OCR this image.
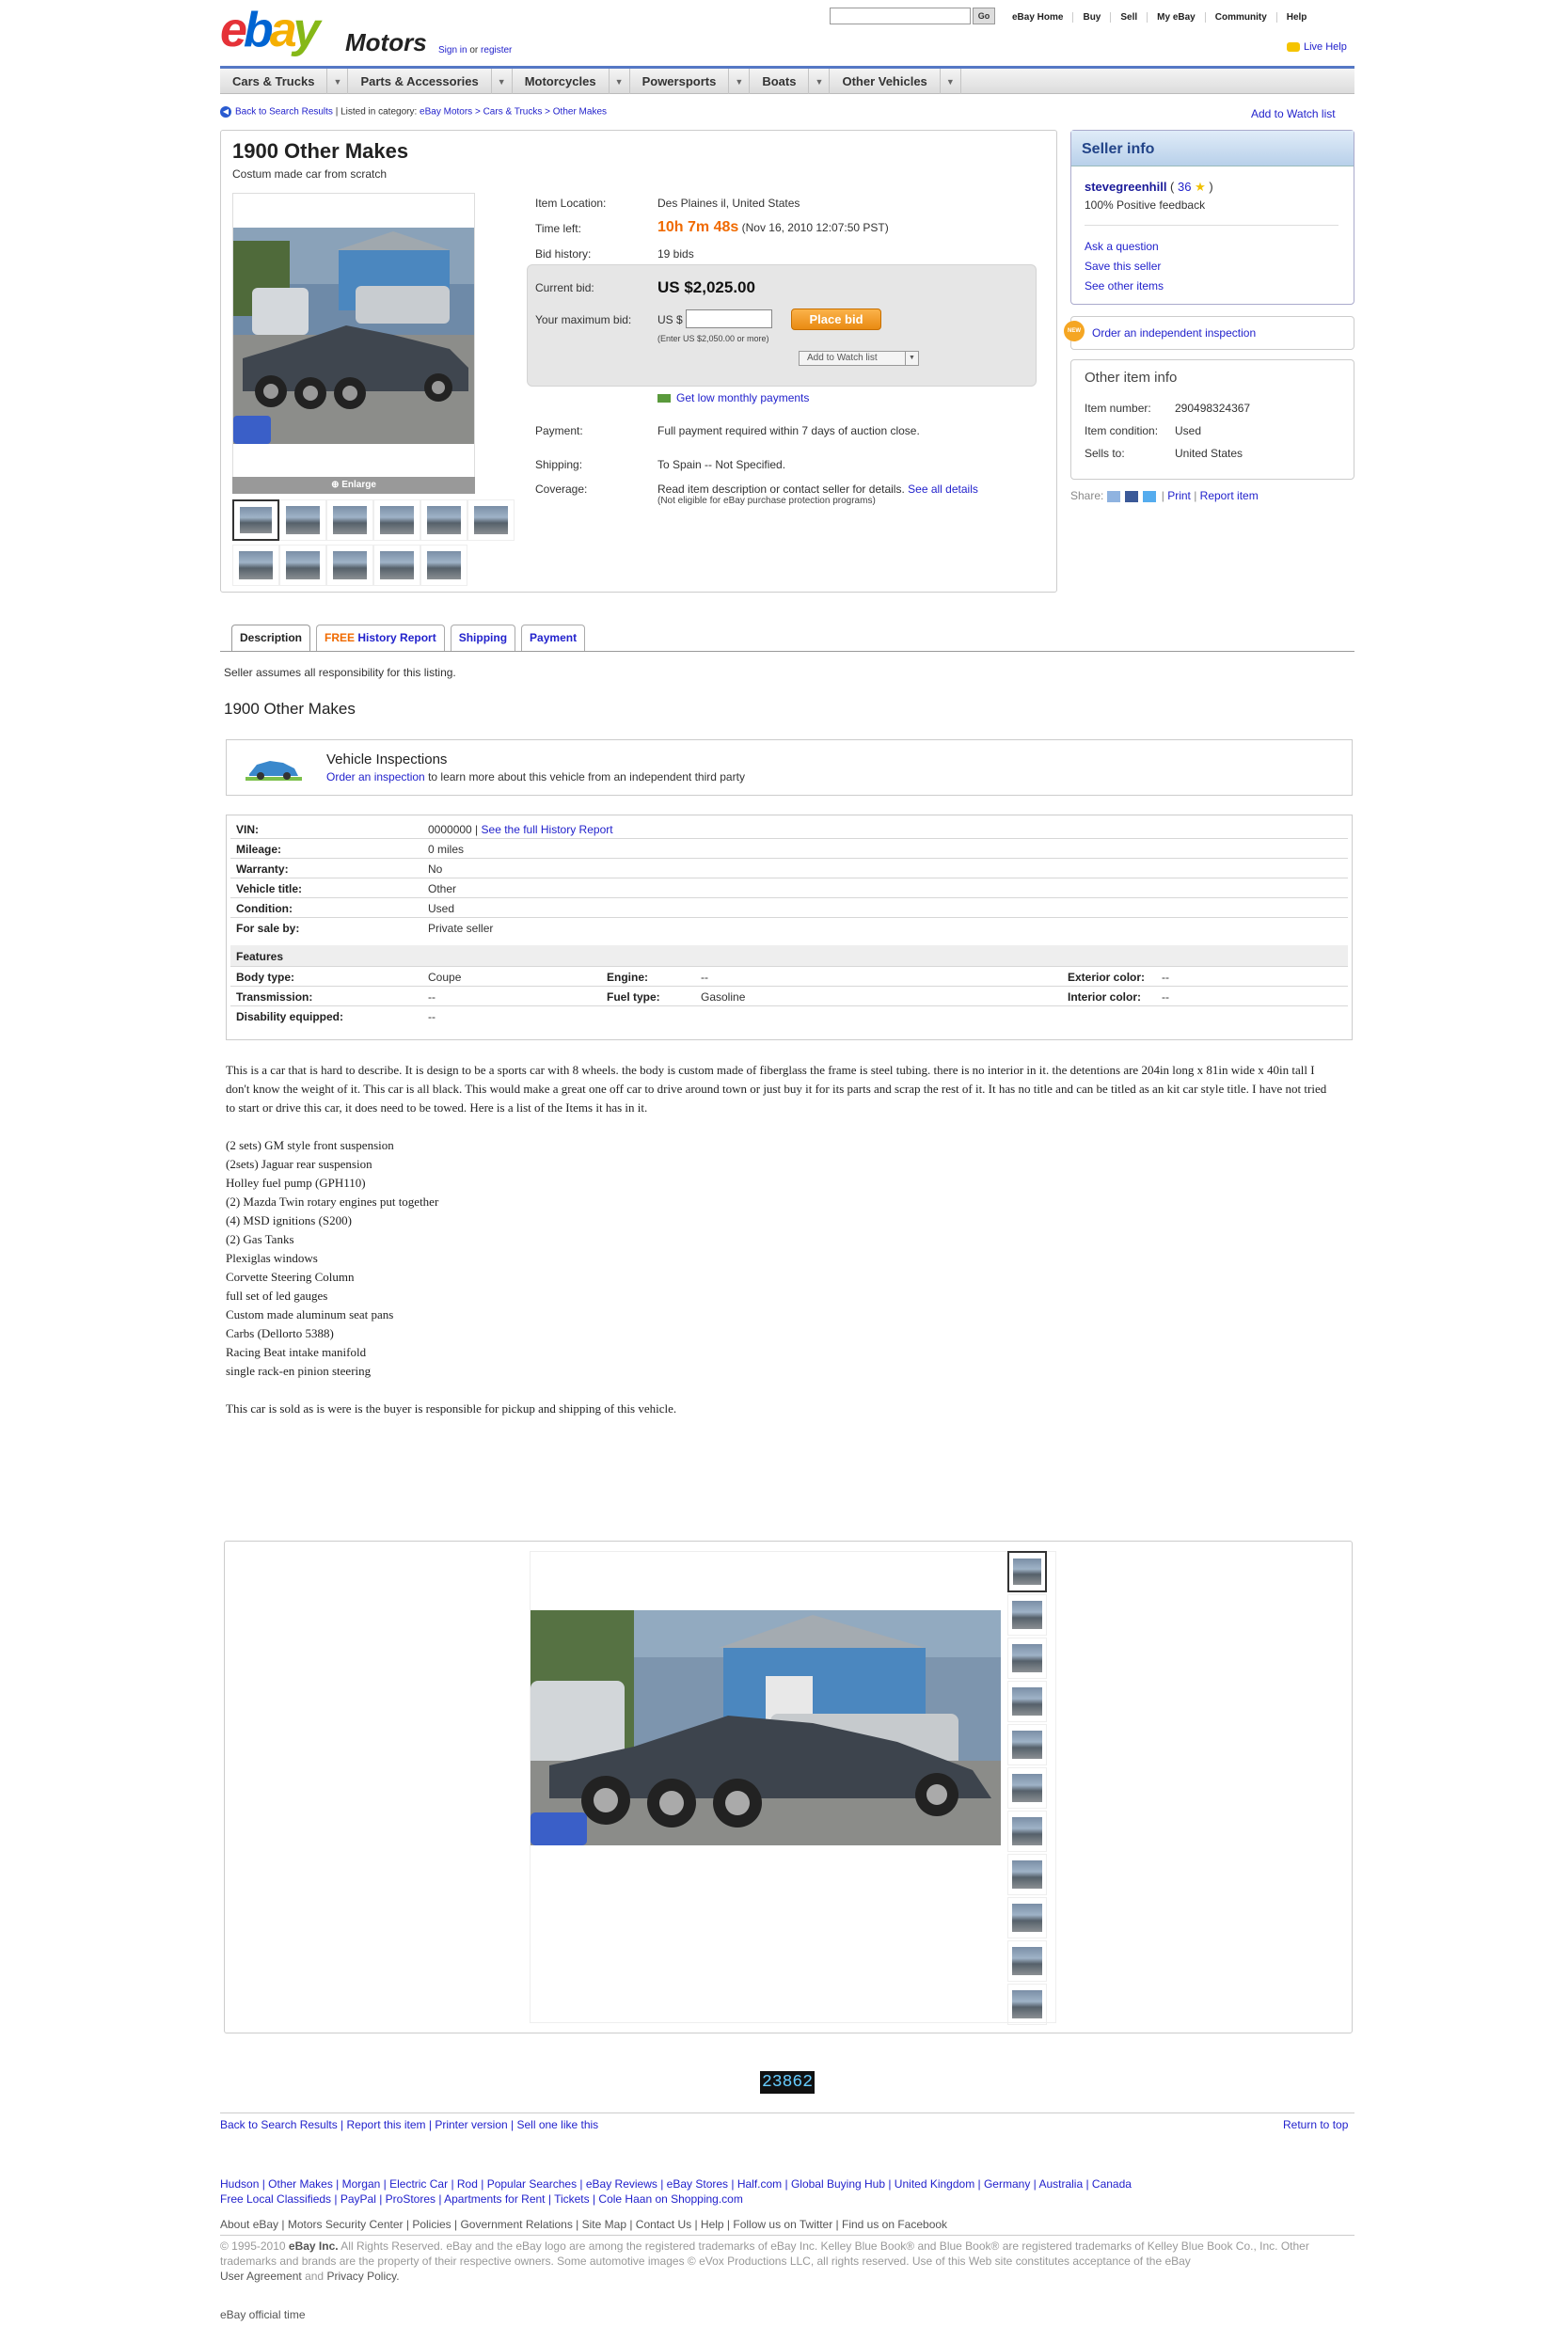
ebay Motors Sign in or register
Go	eBay Home	Buy	Sell	My eBay	Community	Help
Live Help
Cars & Trucks	▼	Parts & Accessories	▼	Motorcycles	▼	Powersports	▼	Boats	▼	Other Vehicles	▼
◀ Back to Search Results | Listed in category: eBay Motors > Cars & Trucks > Other Makes	Add to Watch list
1900 Other Makes
Costum made car from scratch
⊕ Enlarge
Item Location:	Des Plaines il, United States
Time left:	10h 7m 48s (Nov 16, 2010 12:07:50 PST)
Bid history:	19 bids
Current bid:	US $2,025.00
Your maximum bid: US $	Place bid
(Enter US $2,050.00 or more)
Add to Watch list	▼
Get low monthly payments
Payment:	Full payment required within 7 days of auction close.
Shipping:	To Spain -- Not Specified.
Coverage:	Read item description or contact seller for details. See all details
(Not eligible for eBay purchase protection programs)
Seller info
stevegreenhill ( 36 ★ )
100% Positive feedback
Ask a question
Save this seller
See other items
NEW	Order an independent inspection
Other item info
Item number: 290498324367
Item condition: Used
Sells to:	United States
Share:	| Print | Report item
Description	FREE History Report	Shipping	Payment
Seller assumes all responsibility for this listing.
1900 Other Makes
Vehicle Inspections
Order an inspection to learn more about this vehicle from an independent third party
VIN:	0000000 | See the full History Report
Mileage:	0 miles
Warranty:	No
Vehicle title:	Other
Condition:	Used
For sale by:	Private seller
Features
Body type:	Coupe	Engine:	--	Exterior color: --
Transmission:	--	Fuel type:	Gasoline	Interior color: --
Disability equipped:	--

This is a car that is hard to describe. It is design to be a sports car with 8 wheels. the body is custom made of fiberglass the frame is steel tubing. there is no interior in it. the detentions are 204in long x 81in wide x 40in tall I don't know the weight of it. This car is all black. This would make a great one off car to drive around town or just buy it for its parts and scrap the rest of it. It has no title and can be titled as an kit car style title. I have not tried to start or drive this car, it does need to be towed. Here is a list of the Items it has in it.

(2 sets) GM style front suspension

(2sets) Jaguar rear suspension

Holley fuel pump (GPH110)

(2) Mazda Twin rotary engines put together

(4) MSD ignitions (S200)

(2) Gas Tanks

Plexiglas windows

Corvette Steering Column

full set of led gauges

Custom made aluminum seat pans

Carbs (Dellorto 5388)

Racing Beat intake manifold

single rack-en pinion steering

This car is sold as is were is the buyer is responsible for pickup and shipping of this vehicle.

23862
Back to Search Results | Report this item | Printer version | Sell one like this	Return to top
Hudson | Other Makes | Morgan | Electric Car | Rod | Popular Searches | eBay Reviews | eBay Stores | Half.com | Global Buying Hub | United Kingdom | Germany | Australia | Canada
Free Local Classifieds | PayPal | ProStores | Apartments for Rent | Tickets | Cole Haan on Shopping.com
About eBay | Motors Security Center | Policies | Government Relations | Site Map | Contact Us | Help | Follow us on Twitter | Find us on Facebook
© 1995-2010 eBay Inc. All Rights Reserved. eBay and the eBay logo are among the registered trademarks of eBay Inc. Kelley Blue Book® and Blue Book® are registered trademarks of Kelley Blue Book Co., Inc. Other trademarks and brands are the property of their respective owners. Some automotive images © eVox Productions LLC, all rights reserved. Use of this Web site constitutes acceptance of the eBay
User Agreement and Privacy Policy.
eBay official time
